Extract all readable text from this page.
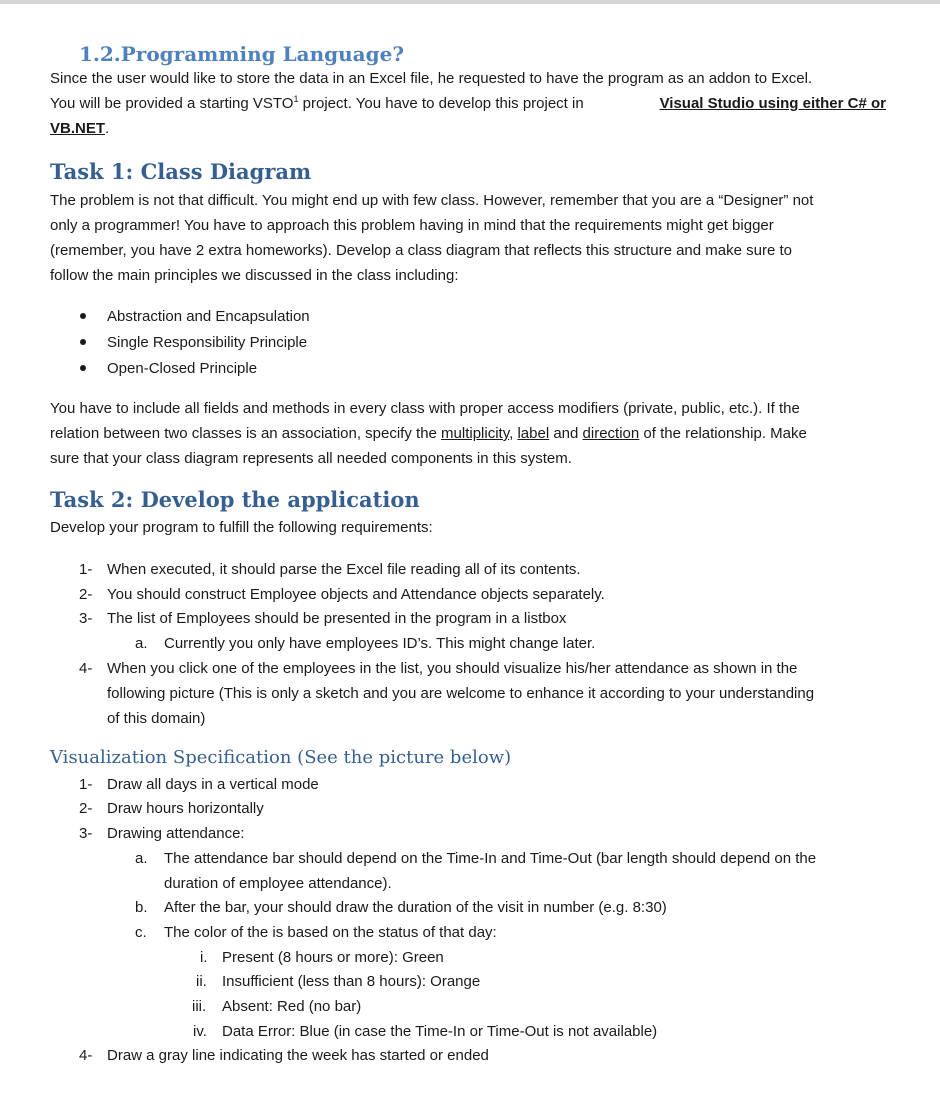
1.2.Programming Language?
Since the user would like to store the data in an Excel file, he requested to have the program as an addon to Excel.
You will be provided a starting VSTO$^1$ project. You have to develop this project in	Visual Studio using either C# or
VB.NET.
Task 1: Class Diagram
The problem is not that difficult. You might end up with few class. However, remember that you are a “Designer” not
only a programmer! You have to approach this problem having in mind that the requirements might get bigger
(remember, you have 2 extra homeworks). Develop a class diagram that reflects this structure and make sure to
follow the main principles we discussed in the class including:
Abstraction and Encapsulation
Single Responsibility Principle
Open-Closed Principle
You have to include all fields and methods in every class with proper access modifiers (private, public, etc.). If the
relation between two classes is an association, specify the multiplicity, label and direction of the relationship. Make
sure that your class diagram represents all needed components in this system.
Task 2: Develop the application
Develop your program to fulfill the following requirements:
1- When executed, it should parse the Excel file reading all of its contents.
2- You should construct Employee objects and Attendance objects separately.
3- The list of Employees should be presented in the program in a listbox
a. Currently you only have employees ID’s. This might change later.
4- When you click one of the employees in the list, you should visualize his/her attendance as shown in the
following picture (This is only a sketch and you are welcome to enhance it according to your understanding
of this domain)
Visualization Specification (See the picture below)
1- Draw all days in a vertical mode
2- Draw hours horizontally
3- Drawing attendance:
a. The attendance bar should depend on the Time-In and Time-Out (bar length should depend on the
duration of employee attendance).
b. After the bar, your should draw the duration of the visit in number (e.g. 8:30)
c. The color of the is based on the status of that day:
i. Present (8 hours or more): Green
ii. Insufficient (less than 8 hours): Orange
iii. Absent: Red (no bar)
iv. Data Error: Blue (in case the Time-In or Time-Out is not available)
4- Draw a gray line indicating the week has started or ended
